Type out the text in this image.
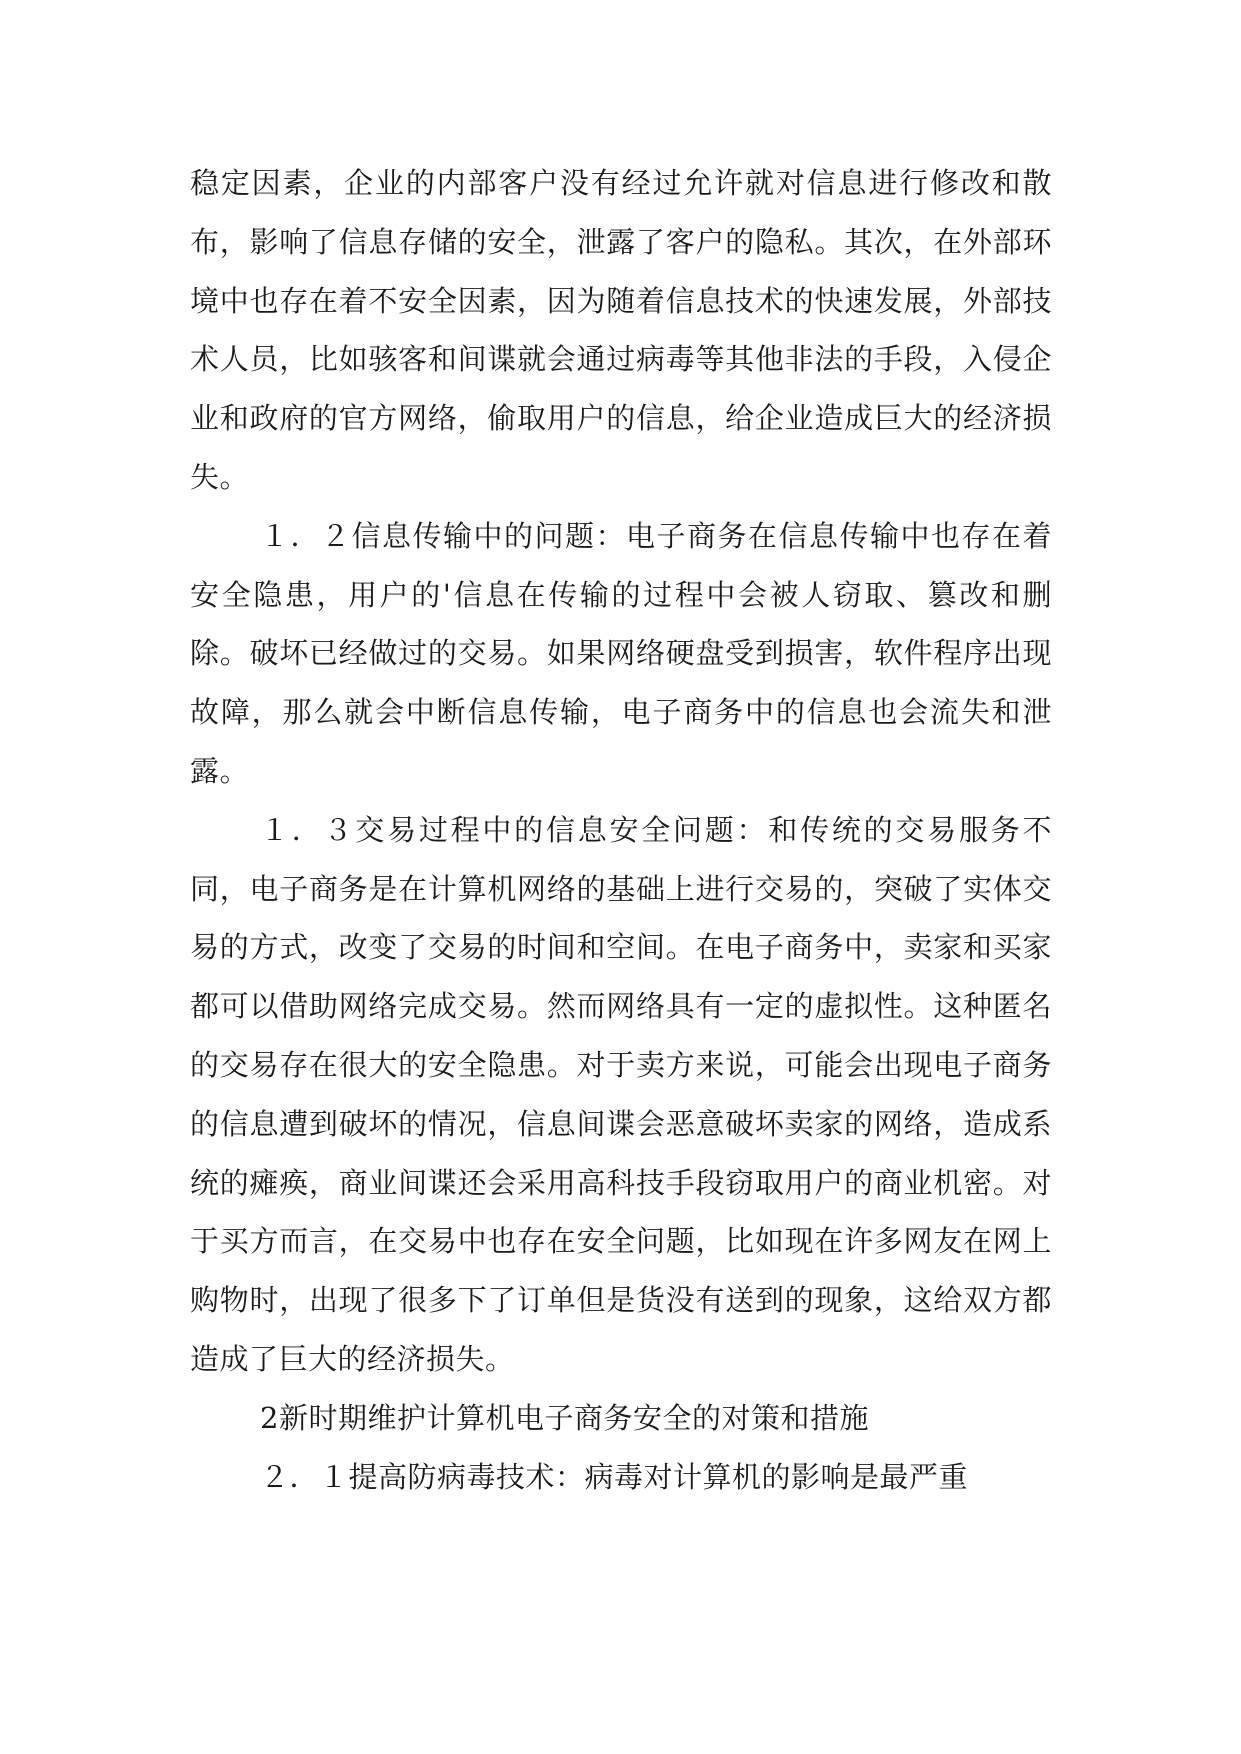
稳定因素，企业的内部客户没有经过允许就对信息进行修改和散布，影响了信息存储的安全，泄露了客户的隐私。其次，在外部环境中也存在着不安全因素，因为随着信息技术的快速发展，外部技术人员，比如骇客和间谍就会通过病毒等其他非法的手段，入侵企业和政府的官方网络，偷取用户的信息，给企业造成巨大的经济损失。

１．２信息传输中的问题：电子商务在信息传输中也存在着安全隐患，用户的'信息在传输的过程中会被人窃取、篡改和删除。破坏已经做过的交易。如果网络硬盘受到损害，软件程序出现故障，那么就会中断信息传输，电子商务中的信息也会流失和泄露。

１．３交易过程中的信息安全问题：和传统的交易服务不同，电子商务是在计算机网络的基础上进行交易的，突破了实体交易的方式，改变了交易的时间和空间。在电子商务中，卖家和买家都可以借助网络完成交易。然而网络具有一定的虚拟性。这种匿名的交易存在很大的安全隐患。对于卖方来说，可能会出现电子商务的信息遭到破坏的情况，信息间谍会恶意破坏卖家的网络，造成系统的瘫痪，商业间谍还会采用高科技手段窃取用户的商业机密。对于买方而言，在交易中也存在安全问题，比如现在许多网友在网上购物时，出现了很多下了订单但是货没有送到的现象，这给双方都造成了巨大的经济损失。

2新时期维护计算机电子商务安全的对策和措施

２．１提高防病毒技术：病毒对计算机的影响是最严重
